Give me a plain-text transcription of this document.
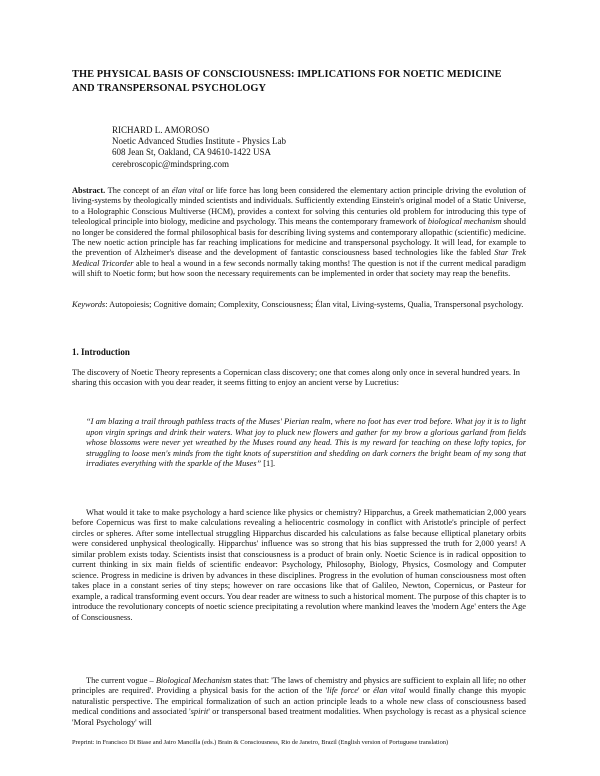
THE PHYSICAL BASIS OF CONSCIOUSNESS: IMPLICATIONS FOR NOETIC MEDICINE AND TRANSPERSONAL PSYCHOLOGY
RICHARD L. AMOROSO
Noetic Advanced Studies Institute - Physics Lab
608 Jean St, Oakland, CA 94610-1422 USA
cerebroscopic@mindspring.com
Abstract. The concept of an élan vital or life force has long been considered the elementary action principle driving the evolution of living-systems by theologically minded scientists and individuals. Sufficiently extending Einstein's original model of a Static Universe, to a Holographic Conscious Multiverse (HCM), provides a context for solving this centuries old problem for introducing this type of teleological principle into biology, medicine and psychology. This means the contemporary framework of biological mechanism should no longer be considered the formal philosophical basis for describing living systems and contemporary allopathic (scientific) medicine. The new noetic action principle has far reaching implications for medicine and transpersonal psychology. It will lead, for example to the prevention of Alzheimer's disease and the development of fantastic consciousness based technologies like the fabled Star Trek Medical Tricorder able to heal a wound in a few seconds normally taking months! The question is not if the current medical paradigm will shift to Noetic form; but how soon the necessary requirements can be implemented in order that society may reap the benefits.
Keywords: Autopoiesis; Cognitive domain; Complexity, Consciousness; Élan vital, Living-systems, Qualia, Transpersonal psychology.
1. Introduction
The discovery of Noetic Theory represents a Copernican class discovery; one that comes along only once in several hundred years. In sharing this occasion with you dear reader, it seems fitting to enjoy an ancient verse by Lucretius:
“I am blazing a trail through pathless tracts of the Muses' Pierian realm, where no foot has ever trod before. What joy it is to light upon virgin springs and drink their waters. What joy to pluck new flowers and gather for my brow a glorious garland from fields whose blossoms were never yet wreathed by the Muses round any head. This is my reward for teaching on these lofty topics, for struggling to loose men's minds from the tight knots of superstition and shedding on dark corners the bright beam of my song that irradiates everything with the sparkle of the Muses” [1].
What would it take to make psychology a hard science like physics or chemistry? Hipparchus, a Greek mathematician 2,000 years before Copernicus was first to make calculations revealing a heliocentric cosmology in conflict with Aristotle's principle of perfect circles or spheres. After some intellectual struggling Hipparchus discarded his calculations as false because elliptical planetary orbits were considered unphysical theologically. Hipparchus' influence was so strong that his bias suppressed the truth for 2,000 years! A similar problem exists today. Scientists insist that consciousness is a product of brain only. Noetic Science is in radical opposition to current thinking in six main fields of scientific endeavor: Psychology, Philosophy, Biology, Physics, Cosmology and Computer science. Progress in medicine is driven by advances in these disciplines. Progress in the evolution of human consciousness most often takes place in a constant series of tiny steps; however on rare occasions like that of Galileo, Newton, Copernicus, or Pasteur for example, a radical transforming event occurs. You dear reader are witness to such a historical moment. The purpose of this chapter is to introduce the revolutionary concepts of noetic science precipitating a revolution where mankind leaves the 'modern Age' enters the Age of Consciousness.
The current vogue – Biological Mechanism states that: 'The laws of chemistry and physics are sufficient to explain all life; no other principles are required'. Providing a physical basis for the action of the 'life force' or élan vital would finally change this myopic naturalistic perspective. The empirical formalization of such an action principle leads to a whole new class of consciousness based medical conditions and associated 'spirit' or transpersonal based treatment modalities. When psychology is recast as a physical science 'Moral Psychology' will
Preprint: in Francisco Di Biase and Jairo Mancilla (eds.) Brain & Consciousness, Rio de Janeiro, Brazil (English version of Portuguese translation)
